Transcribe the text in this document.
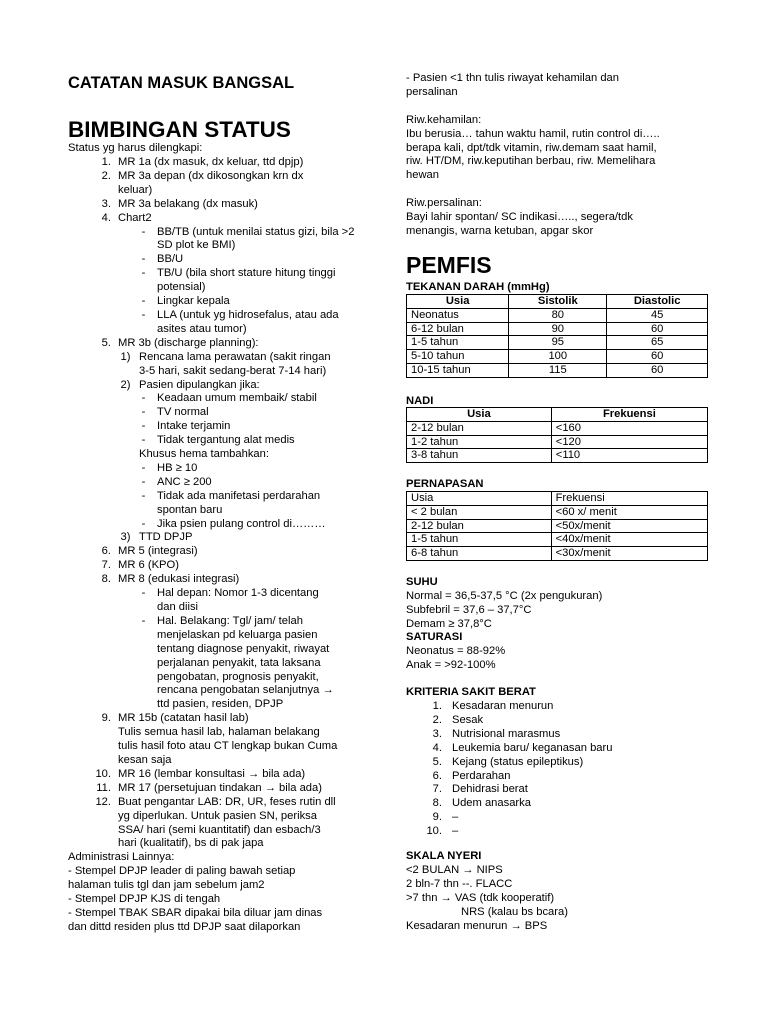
CATATAN MASUK BANGSAL
BIMBINGAN STATUS
Status yg harus dilengkapi:
1. MR 1a (dx masuk, dx keluar, ttd dpjp)
2. MR 3a depan (dx dikosongkan krn dx
keluar)
3. MR 3a belakang (dx masuk)
4. Chart2
- BB/TB (untuk menilai status gizi, bila >2
SD plot ke BMI)
- BB/U
- TB/U (bila short stature hitung tinggi
potensial)
- Lingkar kepala
- LLA (untuk yg hidrosefalus, atau ada
asites atau tumor)
5. MR 3b (discharge planning):
1) Rencana lama perawatan (sakit ringan
3-5 hari, sakit sedang-berat 7-14 hari)
2) Pasien dipulangkan jika:
- Keadaan umum membaik/ stabil
- TV normal
- Intake terjamin
- Tidak tergantung alat medis
Khusus hema tambahkan:
- HB ≥ 10
- ANC ≥ 200
- Tidak ada manifetasi perdarahan
spontan baru
- Jika psien pulang control di………
3) TTD DPJP
6. MR 5 (integrasi)
7. MR 6 (KPO)
8. MR 8 (edukasi integrasi)
- Hal depan: Nomor 1-3 dicentang
dan diisi
- Hal. Belakang: Tgl/ jam/ telah
menjelaskan pd keluarga pasien
tentang diagnose penyakit, riwayat
perjalanan penyakit, tata laksana
pengobatan, prognosis penyakit,
rencana pengobatan selanjutnya →
ttd pasien, residen, DPJP
9. MR 15b (catatan hasil lab)
Tulis semua hasil lab, halaman belakang
tulis hasil foto atau CT lengkap bukan Cuma
kesan saja
10. MR 16 (lembar konsultasi → bila ada)
11. MR 17 (persetujuan tindakan → bila ada)
12. Buat pengantar LAB: DR, UR, feses rutin dll
yg diperlukan. Untuk pasien SN, periksa
SSA/ hari (semi kuantitatif) dan esbach/3
hari (kualitatif), bs di pak japa
Administrasi Lainnya:
- Stempel DPJP leader di paling bawah setiap
halaman tulis tgl dan jam sebelum jam2
- Stempel DPJP KJS di tengah
- Stempel TBAK SBAR dipakai bila diluar jam dinas
dan dittd residen plus ttd DPJP saat dilaporkan
- Pasien <1 thn tulis riwayat kehamilan dan
persalinan

Riw.kehamilan:
Ibu berusia… tahun waktu hamil, rutin control di…..
berapa kali, dpt/tdk vitamin, riw.demam saat hamil,
riw. HT/DM, riw.keputihan berbau, riw. Memelihara
hewan

Riw.persalinan:
Bayi lahir spontan/ SC indikasi….., segera/tdk
menangis, warna ketuban, apgar skor
PEMFIS
TEKANAN DARAH (mmHg)
Usia	Sistolik	Diastolic
Neonatus	80	45
6-12 bulan	90	60
1-5 tahun	95	65
5-10 tahun	100	60
10-15 tahun	115	60
NADI
Usia	Frekuensi
2-12 bulan	<160
1-2 tahun	<120
3-8 tahun	<110
PERNAPASAN
Usia	Frekuensi
< 2 bulan	<60 x/ menit
2-12 bulan	<50x/menit
1-5 tahun	<40x/menit
6-8 tahun	<30x/menit
SUHU
Normal = 36,5-37,5 °C (2x pengukuran)
Subfebril = 37,6 – 37,7°C
Demam ≥ 37,8°C
SATURASI
Neonatus = 88-92%
Anak = >92-100%
KRITERIA SAKIT BERAT
1. Kesadaran menurun
2. Sesak
3. Nutrisional marasmus
4. Leukemia baru/ keganasan baru
5. Kejang (status epileptikus)
6. Perdarahan
7. Dehidrasi berat
8. Udem anasarka
9. –
10. –
SKALA NYERI
<2 BULAN → NIPS
2 bln-7 thn --. FLACC
>7 thn → VAS (tdk kooperatif)
NRS (kalau bs bcara)
Kesadaran menurun → BPS
